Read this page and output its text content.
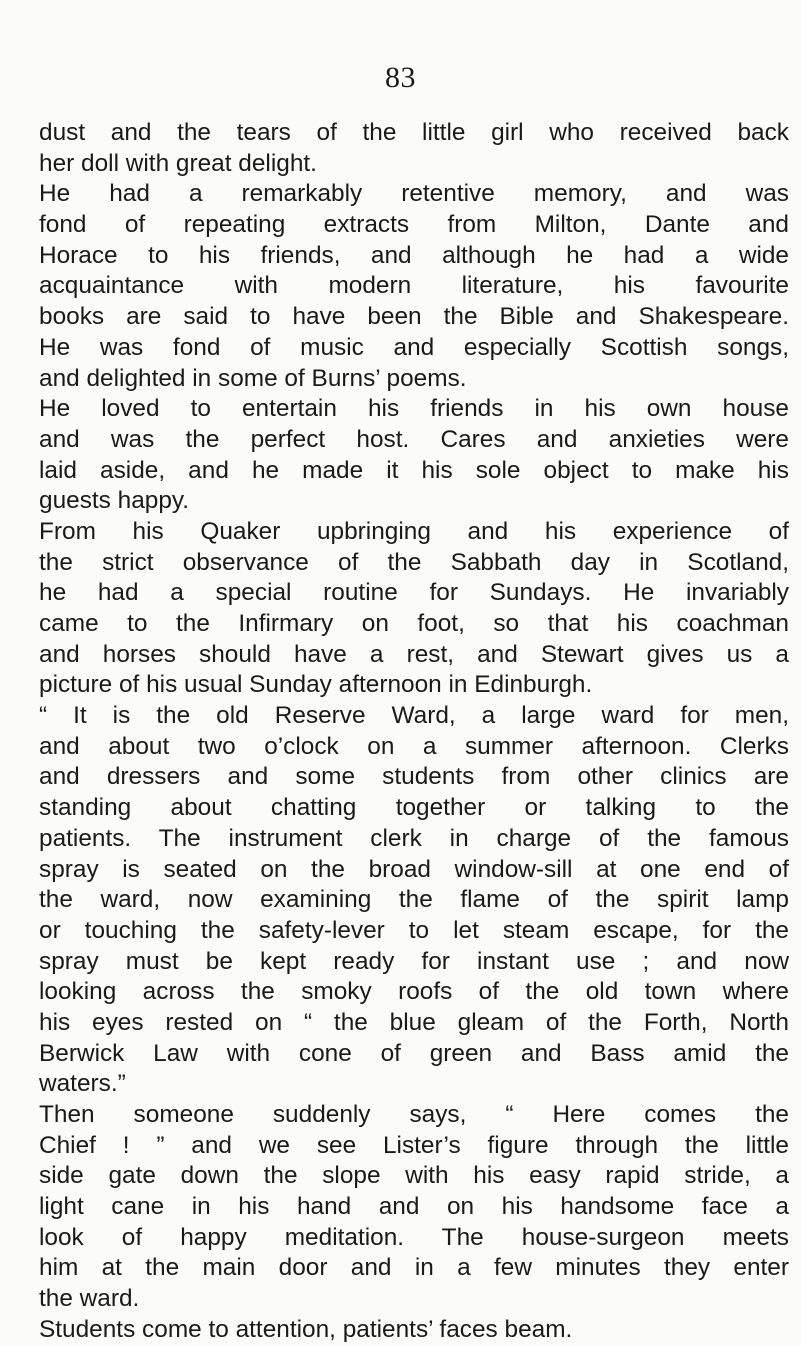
83
dust and the tears of the little girl who received back
her doll with great delight.
He had a remarkably retentive memory, and was
fond of repeating extracts from Milton, Dante and
Horace to his friends, and although he had a wide
acquaintance with modern literature, his favourite
books are said to have been the Bible and Shakespeare.
He was fond of music and especially Scottish songs,
and delighted in some of Burns’ poems.
He loved to entertain his friends in his own house
and was the perfect host. Cares and anxieties were
laid aside, and he made it his sole object to make his
guests happy.
From his Quaker upbringing and his experience of
the strict observance of the Sabbath day in Scotland,
he had a special routine for Sundays. He invariably
came to the Infirmary on foot, so that his coachman
and horses should have a rest, and Stewart gives us a
picture of his usual Sunday afternoon in Edinburgh.
“ It is the old Reserve Ward, a large ward for men,
and about two o’clock on a summer afternoon. Clerks
and dressers and some students from other clinics are
standing about chatting together or talking to the
patients. The instrument clerk in charge of the famous
spray is seated on the broad window-sill at one end of
the ward, now examining the flame of the spirit lamp
or touching the safety-lever to let steam escape, for the
spray must be kept ready for instant use ; and now
looking across the smoky roofs of the old town where
his eyes rested on “ the blue gleam of the Forth, North
Berwick Law with cone of green and Bass amid the
waters.”
Then someone suddenly says, “ Here comes the
Chief ! ” and we see Lister’s figure through the little
side gate down the slope with his easy rapid stride, a
light cane in his hand and on his handsome face a
look of happy meditation. The house-surgeon meets
him at the main door and in a few minutes they enter
the ward.
Students come to attention, patients’ faces beam.
